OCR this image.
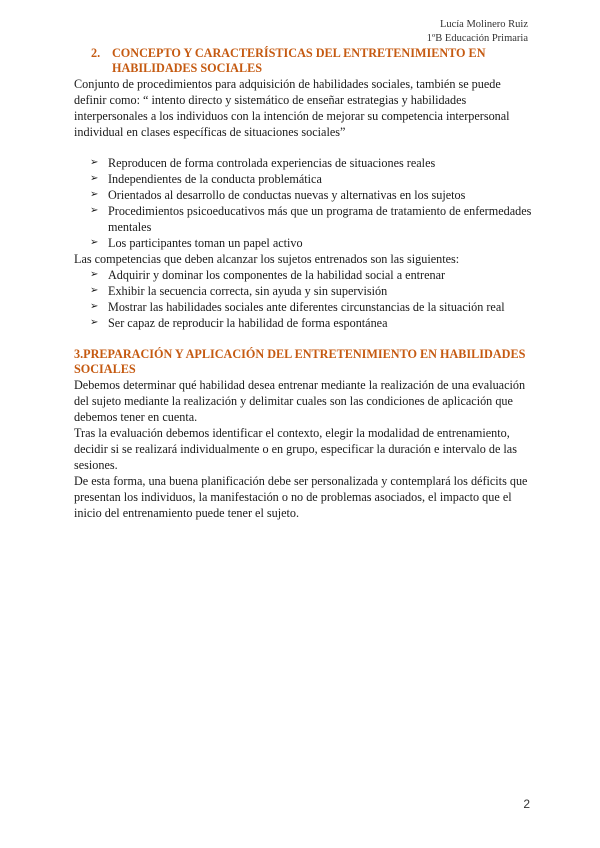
Lucía Molinero Ruiz
1ºB Educación Primaria
2. CONCEPTO Y CARACTERÍSTICAS DEL ENTRETENIMIENTO EN HABILIDADES SOCIALES

Conjunto de procedimientos para adquisición de habilidades sociales, también se puede definir como: “ intento directo y sistemático de enseñar estrategias y habilidades interpersonales a los individuos con la intención de mejorar su competencia interpersonal individual en clases específicas de situaciones sociales”

➢ Reproducen de forma controlada experiencias de situaciones reales
➢ Independientes de la conducta problemática
➢ Orientados al desarrollo de conductas nuevas y alternativas en los sujetos
➢ Procedimientos psicoeducativos más que un programa de tratamiento de enfermedades mentales
➢ Los participantes toman un papel activo

Las competencias que deben alcanzar los sujetos entrenados son las siguientes:

➢ Adquirir y dominar los componentes de la habilidad social a entrenar
➢ Exhibir la secuencia correcta, sin ayuda y sin supervisión
➢ Mostrar las habilidades sociales ante diferentes circunstancias de la situación real
➢ Ser capaz de reproducir la habilidad de forma espontánea
3.PREPARACIÓN Y APLICACIÓN DEL ENTRETENIMIENTO EN HABILIDADES SOCIALES

Debemos determinar qué habilidad desea entrenar mediante la realización de una evaluación del sujeto mediante la realización y delimitar cuales son las condiciones de aplicación que debemos tener en cuenta.

Tras la evaluación debemos identificar el contexto, elegir la modalidad de entrenamiento, decidir si se realizará individualmente o en grupo, especificar la duración e intervalo de las sesiones.

De esta forma, una buena planificación debe ser personalizada y contemplará los déficits que presentan los individuos, la manifestación o no de problemas asociados, el impacto que el inicio del entrenamiento puede tener el sujeto.

2
